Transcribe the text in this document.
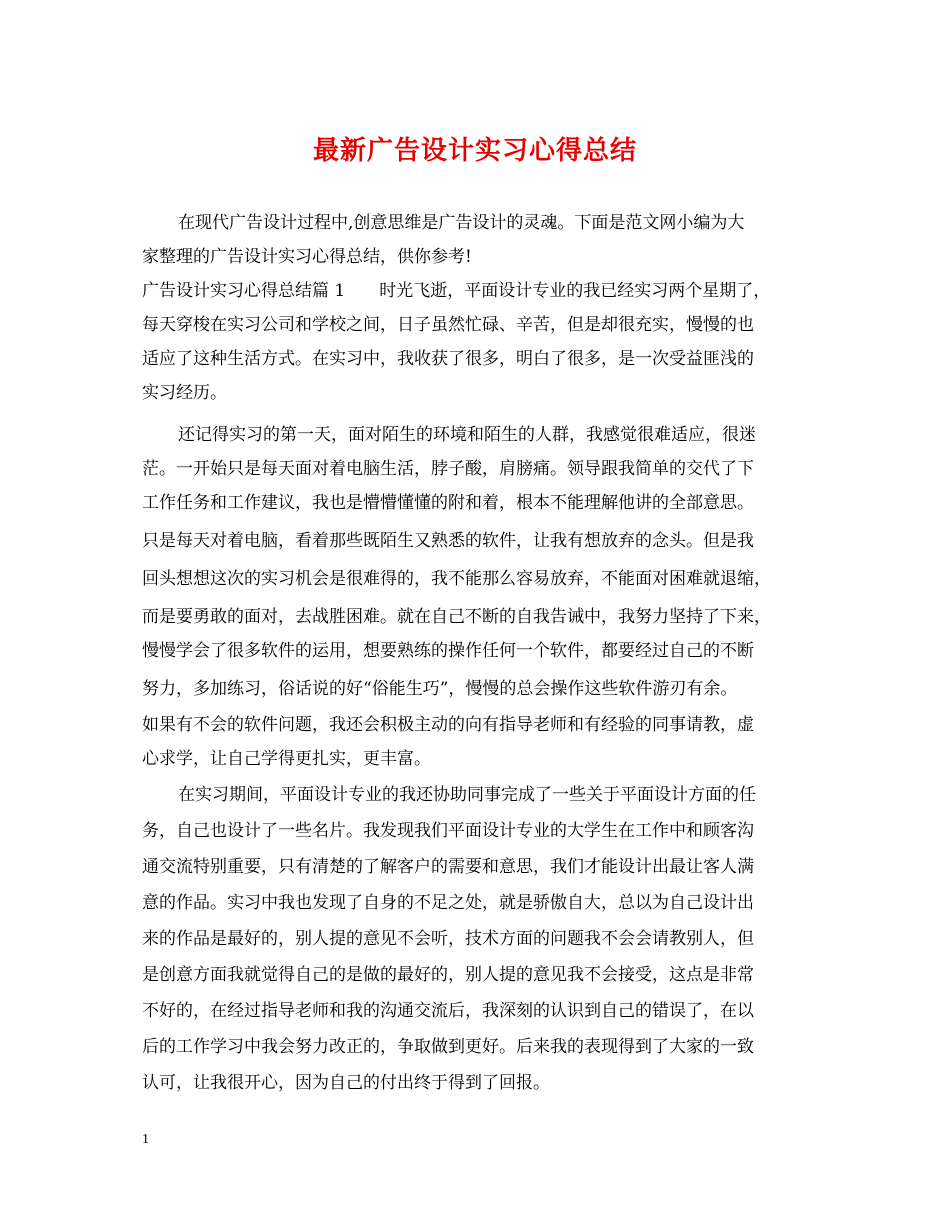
最新广告设计实习心得总结
在现代广告设计过程中,创意思维是广告设计的灵魂。下面是范文网小编为大
家整理的广告设计实习心得总结，供你参考!
广告设计实习心得总结篇 1　　时光飞逝，平面设计专业的我已经实习两个星期了，
每天穿梭在实习公司和学校之间，日子虽然忙碌、辛苦，但是却很充实，慢慢的也
适应了这种生活方式。在实习中，我收获了很多，明白了很多，是一次受益匪浅的
实习经历。
还记得实习的第一天，面对陌生的环境和陌生的人群，我感觉很难适应，很迷
茫。一开始只是每天面对着电脑生活，脖子酸，肩膀痛。领导跟我简单的交代了下
工作任务和工作建议，我也是懵懵懂懂的附和着，根本不能理解他讲的全部意思。
只是每天对着电脑，看着那些既陌生又熟悉的软件，让我有想放弃的念头。但是我
回头想想这次的实习机会是很难得的，我不能那么容易放弃，不能面对困难就退缩，
而是要勇敢的面对，去战胜困难。就在自己不断的自我告诫中，我努力坚持了下来，
慢慢学会了很多软件的运用，想要熟练的操作任何一个软件，都要经过自己的不断
努力，多加练习，俗话说的好“俗能生巧”，慢慢的总会操作这些软件游刃有余。
如果有不会的软件问题，我还会积极主动的向有指导老师和有经验的同事请教，虚
心求学，让自己学得更扎实，更丰富。
在实习期间，平面设计专业的我还协助同事完成了一些关于平面设计方面的任
务，自己也设计了一些名片。我发现我们平面设计专业的大学生在工作中和顾客沟
通交流特别重要，只有清楚的了解客户的需要和意思，我们才能设计出最让客人满
意的作品。实习中我也发现了自身的不足之处，就是骄傲自大，总以为自己设计出
来的作品是最好的，别人提的意见不会听，技术方面的问题我不会会请教别人，但
是创意方面我就觉得自己的是做的最好的，别人提的意见我不会接受，这点是非常
不好的，在经过指导老师和我的沟通交流后，我深刻的认识到自己的错误了，在以
后的工作学习中我会努力改正的，争取做到更好。后来我的表现得到了大家的一致
认可，让我很开心，因为自己的付出终于得到了回报。
1
